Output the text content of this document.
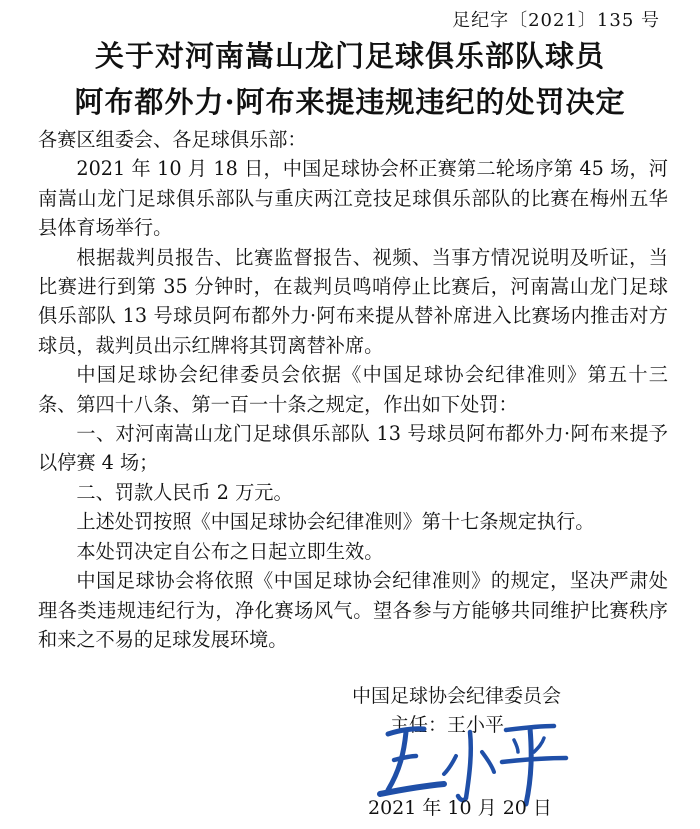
足纪字〔2021〕135 号
关于对河南嵩山龙门足球俱乐部队球员
阿布都外力·阿布来提违规违纪的处罚决定

各赛区组委会、各足球俱乐部：

2021 年 10 月 18 日，中国足球协会杯正赛第二轮场序第 45 场，河南嵩山龙门足球俱乐部队与重庆两江竞技足球俱乐部队的比赛在梅州五华县体育场举行。

根据裁判员报告、比赛监督报告、视频、当事方情况说明及听证，当比赛进行到第 35 分钟时，在裁判员鸣哨停止比赛后，河南嵩山龙门足球俱乐部队 13 号球员阿布都外力·阿布来提从替补席进入比赛场内推击对方球员，裁判员出示红牌将其罚离替补席。

中国足球协会纪律委员会依据《中国足球协会纪律准则》第五十三条、第四十八条、第一百一十条之规定，作出如下处罚：

一、对河南嵩山龙门足球俱乐部队 13 号球员阿布都外力·阿布来提予以停赛 4 场；

二、罚款人民币 2 万元。

上述处罚按照《中国足球协会纪律准则》第十七条规定执行。

本处罚决定自公布之日起立即生效。

中国足球协会将依照《中国足球协会纪律准则》的规定，坚决严肃处理各类违规违纪行为，净化赛场风气。望各参与方能够共同维护比赛秩序和来之不易的足球发展环境。

中国足球协会纪律委员会
主任：王小平
2021 年 10 月 20 日
